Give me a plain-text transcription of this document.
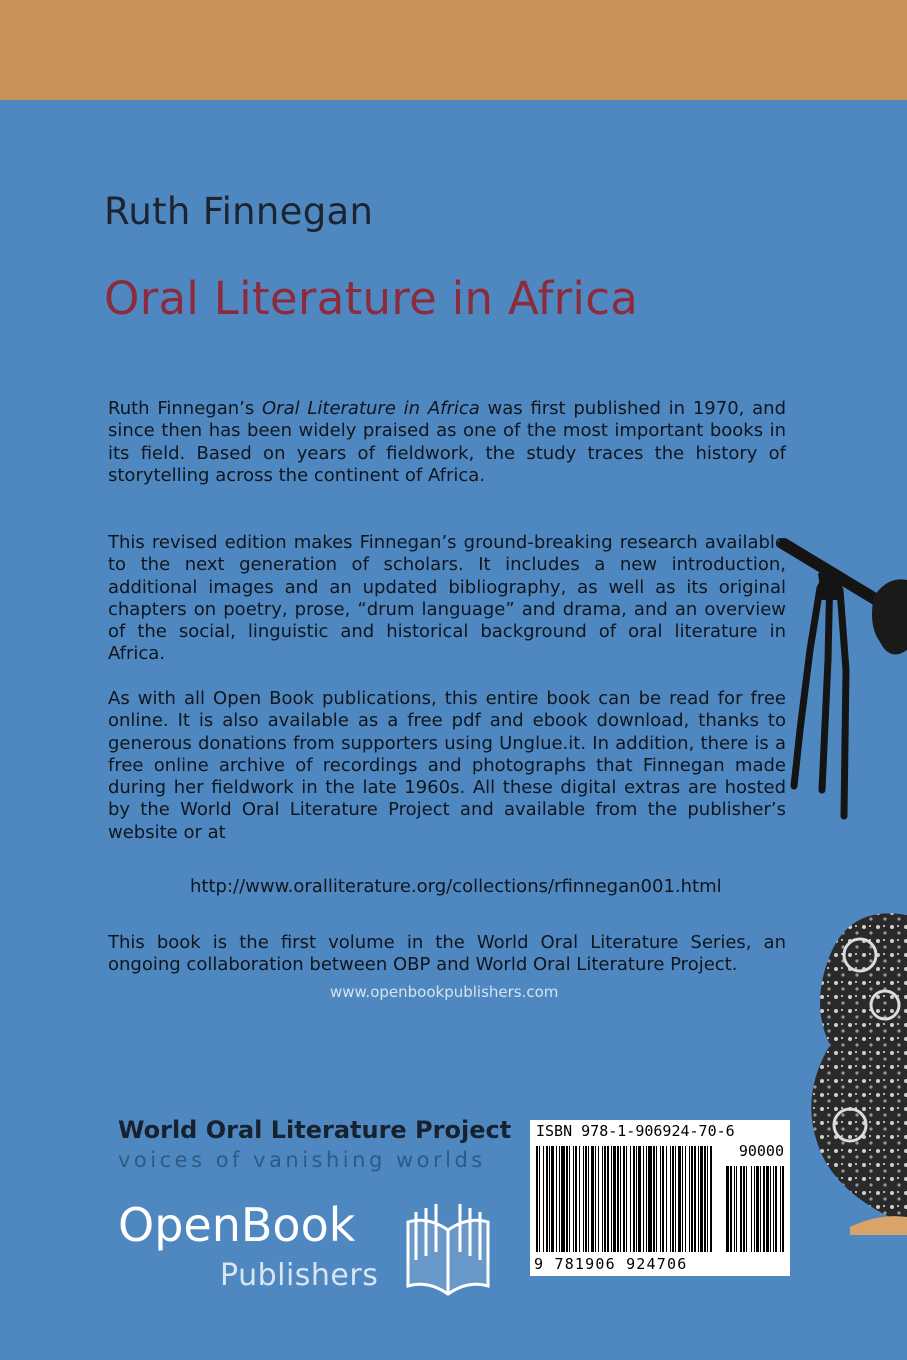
Ruth Finnegan
Oral Literature in Africa

Ruth Finnegan’s Oral Literature in Africa was first published in 1970, and since then has been widely praised as one of the most important books in its field. Based on years of fieldwork, the study traces the history of storytelling across the continent of Africa.

This revised edition makes Finnegan’s ground-breaking research available to the next generation of scholars. It includes a new introduction, additional images and an updated bibliography, as well as its original chapters on poetry, prose, “drum language” and drama, and an overview of the social, linguistic and historical background of oral literature in Africa.

As with all Open Book publications, this entire book can be read for free online. It is also available as a free pdf and ebook download, thanks to generous donations from supporters using Unglue.it. In addition, there is a free online archive of recordings and photographs that Finnegan made during her fieldwork in the late 1960s. All these digital extras are hosted by the World Oral Literature Project and available from the publisher’s website or at

http://www.oralliterature.org/collections/rfinnegan001.html

This book is the first volume in the World Oral Literature Series, an ongoing collaboration between OBP and World Oral Literature Project.

www.openbookpublishers.com
World Oral Literature Project
voices of vanishing worlds
OpenBook
Publishers
ISBN 978-1-906924-70-6
90000
9 781906 924706
